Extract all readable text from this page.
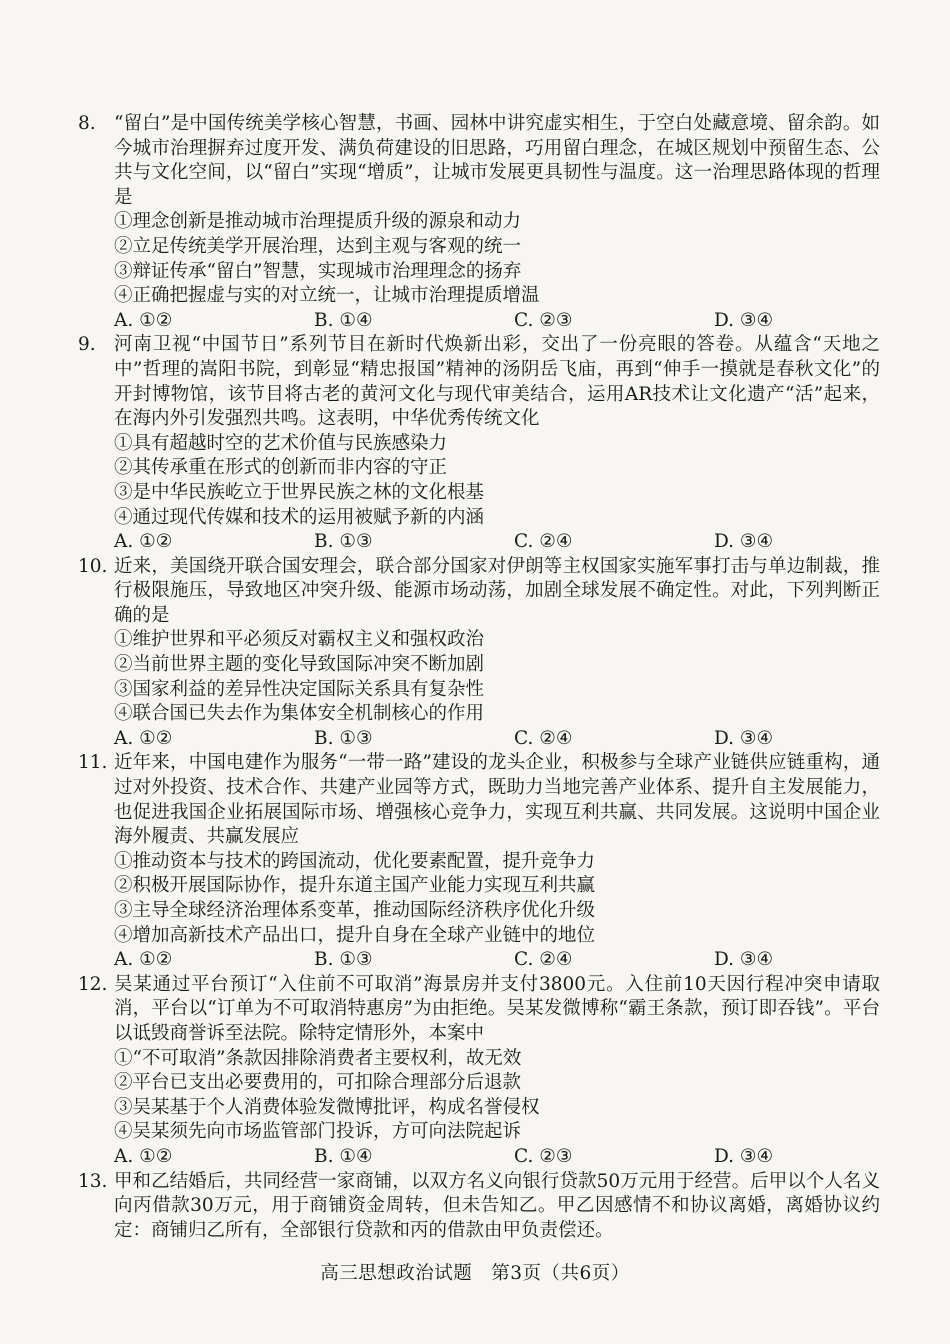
8. “留白”是中国传统美学核心智慧，书画、园林中讲究虚实相生，于空白处藏意境、留余韵。如今城市治理摒弃过度开发、满负荷建设的旧思路，巧用留白理念，在城区规划中预留生态、公共与文化空间，以“留白”实现“增质”，让城市发展更具韧性与温度。这一治理思路体现的哲理是

①理念创新是推动城市治理提质升级的源泉和动力

②立足传统美学开展治理，达到主观与客观的统一

③辩证传承“留白”智慧，实现城市治理理念的扬弃

④正确把握虚与实的对立统一，让城市治理提质增温

A. ①②	B. ①④	C. ②③	D. ③④
9. 河南卫视“中国节日”系列节目在新时代焕新出彩，交出了一份亮眼的答卷。从蕴含“天地之中”哲理的嵩阳书院，到彰显“精忠报国”精神的汤阴岳飞庙，再到“伸手一摸就是春秋文化”的开封博物馆，该节目将古老的黄河文化与现代审美结合，运用AR技术让文化遗产“活”起来，在海内外引发强烈共鸣。这表明，中华优秀传统文化

①具有超越时空的艺术价值与民族感染力

②其传承重在形式的创新而非内容的守正

③是中华民族屹立于世界民族之林的文化根基

④通过现代传媒和技术的运用被赋予新的内涵

A. ①②	B. ①③	C. ②④	D. ③④
10. 近来，美国绕开联合国安理会，联合部分国家对伊朗等主权国家实施军事打击与单边制裁，推行极限施压，导致地区冲突升级、能源市场动荡，加剧全球发展不确定性。对此，下列判断正确的是

①维护世界和平必须反对霸权主义和强权政治

②当前世界主题的变化导致国际冲突不断加剧

③国家利益的差异性决定国际关系具有复杂性

④联合国已失去作为集体安全机制核心的作用

A. ①②	B. ①③	C. ②④	D. ③④
11. 近年来，中国电建作为服务“一带一路”建设的龙头企业，积极参与全球产业链供应链重构，通过对外投资、技术合作、共建产业园等方式，既助力当地完善产业体系、提升自主发展能力，也促进我国企业拓展国际市场、增强核心竞争力，实现互利共赢、共同发展。这说明中国企业海外履责、共赢发展应

①推动资本与技术的跨国流动，优化要素配置，提升竞争力

②积极开展国际协作，提升东道主国产业能力实现互利共赢

③主导全球经济治理体系变革，推动国际经济秩序优化升级

④增加高新技术产品出口，提升自身在全球产业链中的地位

A. ①②	B. ①③	C. ②④	D. ③④
12. 吴某通过平台预订“入住前不可取消”海景房并支付3800元。入住前10天因行程冲突申请取消，平台以“订单为不可取消特惠房”为由拒绝。吴某发微博称“霸王条款，预订即吞钱”。平台以诋毁商誉诉至法院。除特定情形外，本案中

①“不可取消”条款因排除消费者主要权利，故无效

②平台已支出必要费用的，可扣除合理部分后退款

③吴某基于个人消费体验发微博批评，构成名誉侵权

④吴某须先向市场监管部门投诉，方可向法院起诉

A. ①②	B. ①④	C. ②③	D. ③④
13. 甲和乙结婚后，共同经营一家商铺，以双方名义向银行贷款50万元用于经营。后甲以个人名义向丙借款30万元，用于商铺资金周转，但未告知乙。甲乙因感情不和协议离婚，离婚协议约定：商铺归乙所有，全部银行贷款和丙的借款由甲负责偿还。

高三思想政治试题　第3页（共6页）
